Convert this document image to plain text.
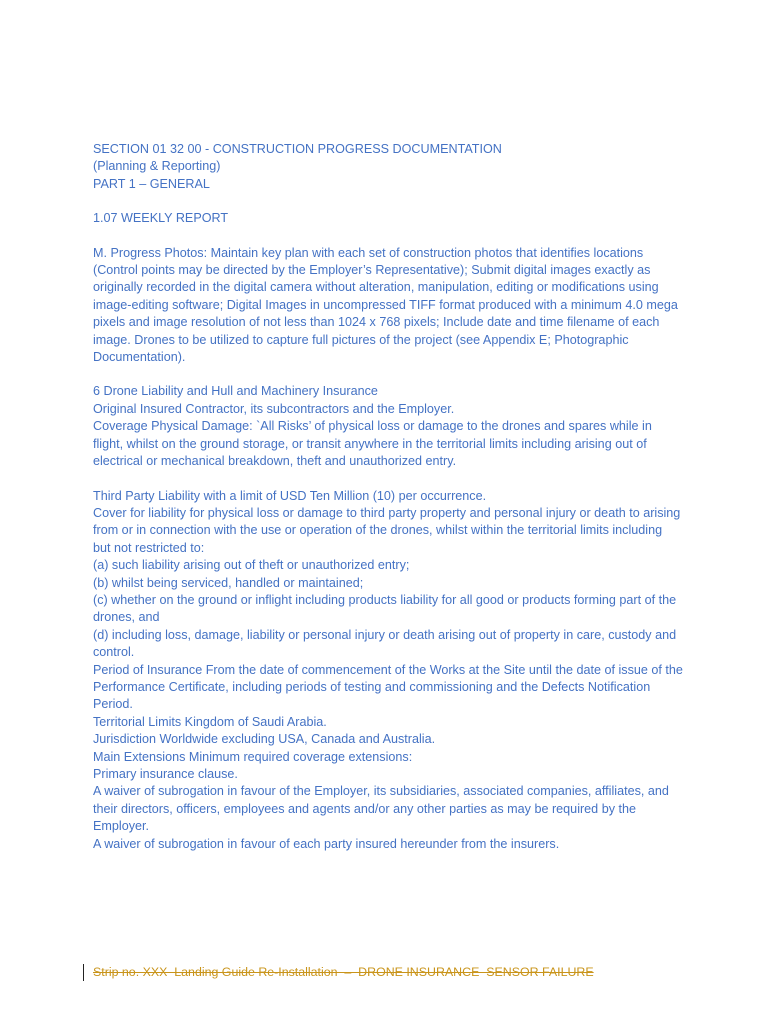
SECTION 01 32 00 - CONSTRUCTION PROGRESS DOCUMENTATION

(Planning & Reporting)

PART 1 – GENERAL

1.07 WEEKLY REPORT

M. Progress Photos: Maintain key plan with each set of construction photos that identifies locations (Control points may be directed by the Employer’s Representative); Submit digital images exactly as originally recorded in the digital camera without alteration, manipulation, editing or modifications using image-editing software; Digital Images in uncompressed TIFF format produced with a minimum 4.0 mega pixels and image resolution of not less than 1024 x 768 pixels; Include date and time filename of each image. Drones to be utilized to capture full pictures of the project (see Appendix E; Photographic Documentation).

6 Drone Liability and Hull and Machinery Insurance

Original Insured Contractor, its subcontractors and the Employer.

Coverage Physical Damage: `All Risks’ of physical loss or damage to the drones and spares while in flight, whilst on the ground storage, or transit anywhere in the territorial limits including arising out of electrical or mechanical breakdown, theft and unauthorized entry.

Third Party Liability with a limit of USD Ten Million (10) per occurrence.

Cover for liability for physical loss or damage to third party property and personal injury or death to arising from or in connection with the use or operation of the drones, whilst within the territorial limits including but not restricted to:

(a) such liability arising out of theft or unauthorized entry;

(b) whilst being serviced, handled or maintained;

(c) whether on the ground or inflight including products liability for all good or products forming part of the drones, and

(d) including loss, damage, liability or personal injury or death arising out of property in care, custody and control.

Period of Insurance From the date of commencement of the Works at the Site until the date of issue of the Performance Certificate, including periods of testing and commissioning and the Defects Notification Period.

Territorial Limits Kingdom of Saudi Arabia.

Jurisdiction Worldwide excluding USA, Canada and Australia.

Main Extensions Minimum required coverage extensions:

Primary insurance clause.

A waiver of subrogation in favour of the Employer, its subsidiaries, associated companies, affiliates, and their directors, officers, employees and agents and/or any other parties as may be required by the Employer.

A waiver of subrogation in favour of each party insured hereunder from the insurers.

Strip no. XXX  Landing Guide Re-Installation  –  DRONE INSURANCE  SENSOR FAILURE
